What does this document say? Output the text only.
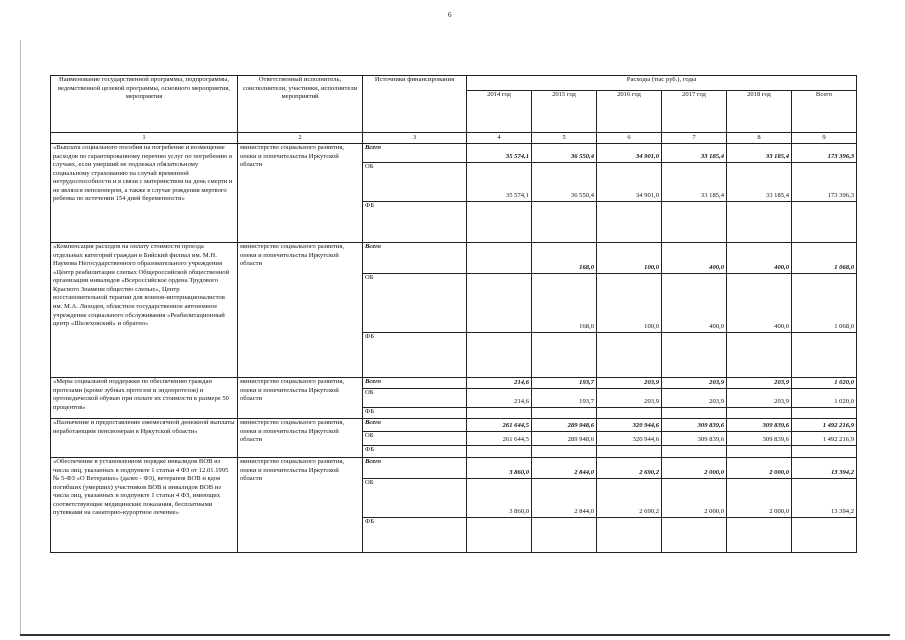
6
Наименование государственной программы, подпрограммы, ведомственной целевой программы, основного мероприятия, мероприятия	Ответственный исполнитель, соисполнители, участники, исполнители мероприятий	Источники финансирования	Расходы (тыс руб.), годы					
			2014 год	2015 год	2016 год	2017 год	2018 год	Всего
1	2	3	4	5	6	7	8	9
«Выплата социального пособия на погребение и возмещение расходов по гарантированному перечню услуг по погребению в случаях, если умерший не подлежал обязательному социальному страхованию на случай временной нетрудоспособности и в связи с материнством на день смерти и не являлся пенсионером, а также в случае рождения мертвого ребенка по истечении 154 дней беременности»	министерство социального развития, опеки и попечительства Иркутской области	Всего	35 574,1	36 550,4	34 901,0	33 185,4	33 185,4	173 396,3
		ОБ	35 574,1	36 550,4	34 901,0	33 185,4	33 185,4	173 396,3
		ФБ						
«Компенсация расходов на оплату стоимости проезда отдельных категорий граждан в Бийский филиал им. М.Н. Наумова Негосударственного образовательного учреждения «Центр реабилитации слепых Общероссийской общественной организации инвалидов «Всероссийское ордена Трудового Красного Знамени общество слепых», Центр восстановительной терапии для воинов-интернационалистов им. М.А. Лиходея, областное государственное автономное учреждение социального обслуживания «Реабилитационный центр «Шелеховский» и обратно»	министерство социального развития, опеки и попечительства Иркутской области	Всего		168,0	100,0	400,0	400,0	1 068,0
		ОБ		168,0	100,0	400,0	400,0	1 068,0
		ФБ						
«Меры социальной поддержки по обеспечению граждан протезами (кроме зубных протезов и эндопротезов) и ортопедической обувью при оплате их стоимости в размере 50 процентов»	министерство социального развития, опеки и попечительства Иркутской области	Всего	214,6	193,7	203,9	203,9	203,9	1 020,0
		ОБ	214,6	193,7	203,9	203,9	203,9	1 020,0
		ФБ						
«Назначение и предоставление ежемесячной денежной выплаты неработающим пенсионерам в Иркутской области»	министерство социального развития, опеки и попечительства Иркутской области	Всего	261 644,5	289 948,6	320 944,6	309 839,6	309 839,6	1 492 216,9
		ОБ	261 644,5	289 948,6	320 944,6	309 839,6	309 839,6	1 492 216,9
		ФБ						
«Обеспечение в установленном порядке инвалидов ВОВ из числа лиц, указанных в подпункте 1 статьи 4 ФЗ от 12.01.1995 № 5-ФЗ «О Ветеранах» (далее - ФЗ), ветеранов ВОВ и вдов погибших (умерших) участников ВОВ и инвалидов ВОВ из числа лиц, указанных в подпункте 1 статьи 4 ФЗ, имеющих соответствующие медицинские показания, бесплатными путевками на санаторно-курортное лечение»	министерство социального развития, опеки и попечительства Иркутской области	Всего	3 860,0	2 844,0	2 690,2	2 000,0	2 000,0	13 394,2
		ОБ	3 860,0	2 844,0	2 690,2	2 000,0	2 000,0	13 394,2
		ФБ						
